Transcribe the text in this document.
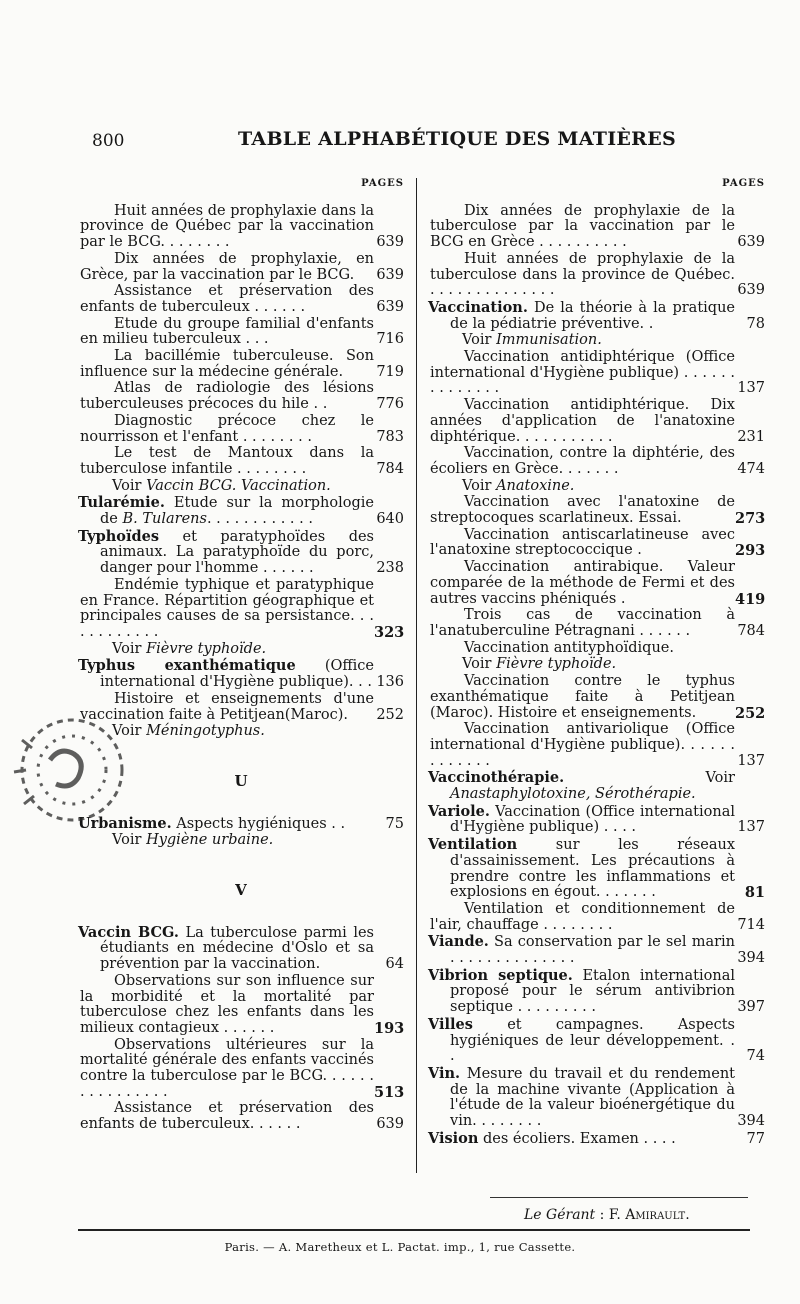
800	TABLE ALPHABÉTIQUE DES MATIÈRES
PAGES
Huit années de prophylaxie dans la province de Québec par la vaccination par le BCG. . . . . . . .	639
Dix années de prophylaxie, en Grèce, par la vaccination par le BCG.	639
Assistance et préservation des enfants de tuberculeux . . . . . .	639
Etude du groupe familial d'enfants en milieu tuberculeux . . .	716
La bacillémie tuberculeuse. Son influence sur la médecine générale.	719
Atlas de radiologie des lésions tuberculeuses précoces du hile . .	776
Diagnostic précoce chez le nourrisson et l'enfant . . . . . . . .	783
Le test de Mantoux dans la tuberculose infantile . . . . . . . .	784
Voir Vaccin BCG. Vaccination.
Tularémie. Etude sur la morphologie de B. Tularens. . . . . . . . . . . .	640
Typhoïdes et paratyphoïdes des animaux. La paratyphoïde du porc, danger pour l'homme . . . . . .	238
Endémie typhique et paratyphique en France. Répartition géographique et principales causes de sa persistance. . . . . . . . . . . .	323
Voir Fièvre typhoïde.
Typhus exanthématique (Office international d'Hygiène publique). . . 136
Histoire et enseignements d'une vaccination faite à Petitjean(Maroc).	252
Voir Méningotyphus.
U
Urbanisme. Aspects hygiéniques . .	75
Voir Hygiène urbaine.
V
Vaccin BCG. La tuberculose parmi les étudiants en médecine d'Oslo et sa prévention par la vaccination.	64
Observations sur son influence sur la morbidité et la mortalité par tuberculose chez les enfants dans les milieux contagieux . . . . . .	193
Observations ultérieures sur la mortalité générale des enfants vaccinés contre la tuberculose par le BCG. . . . . . . . . . . . . . . .	513
Assistance et préservation des enfants de tuberculeux. . . . . .	639
PAGES
Dix années de prophylaxie de la tuberculose par la vaccination par le BCG en Grèce . . . . . . . . . .	639
Huit années de prophylaxie de la tuberculose dans la province de Québec. . . . . . . . . . . . . . .	639
Vaccination. De la théorie à la pratique de la pédiatrie préventive. .	78
Voir Immunisation.
Vaccination antidiphtérique (Office international d'Hygiène publique) . . . . . . . . . . . . . .	137
Vaccination antidiphtérique. Dix années d'application de l'anatoxine diphtérique. . . . . . . . . . .	231
Vaccination, contre la diphtérie, des écoliers en Grèce. . . . . . .	474
Voir Anatoxine.
Vaccination avec l'anatoxine de streptocoques scarlatineux. Essai.	273
Vaccination antiscarlatineuse avec l'anatoxine streptococcique .	293
Vaccination antirabique. Valeur comparée de la méthode de Fermi et des autres vaccins phéniqués .	419
Trois cas de vaccination à l'anatuberculine Pétragnani . . . . . .	784
Vaccination antityphoïdique.
Voir Fièvre typhoïde.
Vaccination contre le typhus exanthématique faite à Petitjean (Maroc). Histoire et enseignements.	252
Vaccination antivariolique (Office international d'Hygiène publique). . . . . . . . . . . . .	137
Vaccinothérapie.	Voir Anastaphylotoxine, Sérothérapie.
Variole. Vaccination (Office international d'Hygiène publique) . . . .	137
Ventilation	sur les réseaux d'assainissement. Les précautions à prendre contre les inflammations et explosions en égout. . . . . . .	81
Ventilation et conditionnement de l'air, chauffage . . . . . . . .	714
Viande. Sa conservation par le sel marin . . . . . . . . . . . . . .	394
Vibrion septique. Etalon international proposé pour le sérum antivibrion septique . . . . . . . . .	397
Villes et campagnes. Aspects hygiéniques de leur développement. . .	74
Vin. Mesure du travail et du rendement de la machine vivante (Application à l'étude de la valeur bioénergétique du vin. . . . . . . .	394
Vision des écoliers. Examen . . . .	77
Le Gérant : F. Amirault.
Paris. — A. Maretheux et L. Pactat. imp., 1, rue Cassette.
